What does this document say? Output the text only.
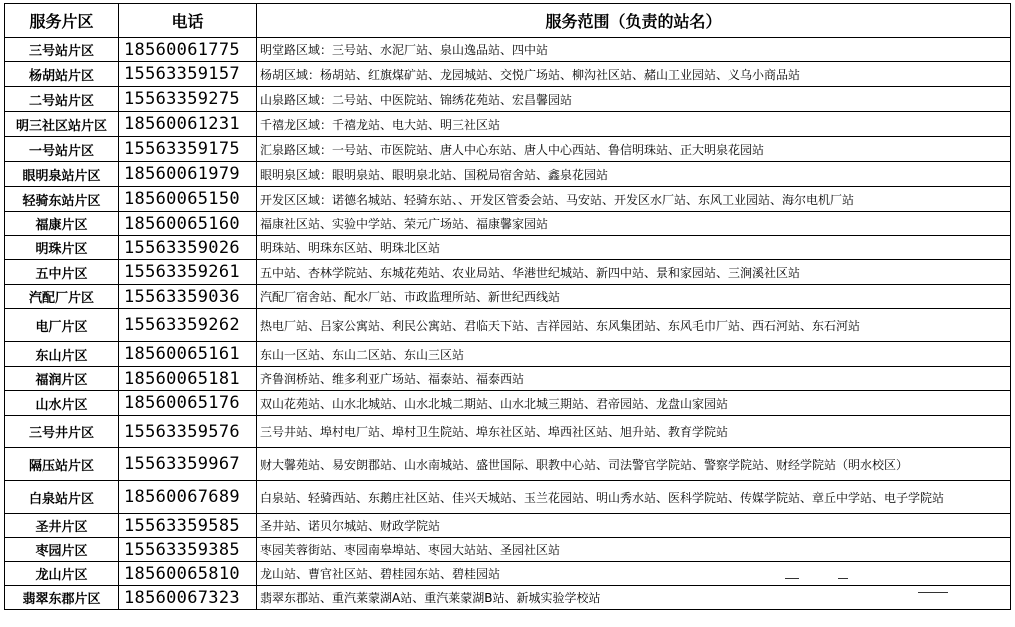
服务片区	电话	服务范围（负责的站名）
三号站片区	18560061775	明堂路区域：三号站、水泥厂站、泉山逸品站、四中站
杨胡站片区	15563359157	杨胡区域：杨胡站、红旗煤矿站、龙园城站、交悦广场站、柳沟社区站、赭山工业园站、义乌小商品站
二号站片区	15563359275	山泉路区域：二号站、中医院站、锦绣花苑站、宏昌馨园站
明三社区站片区	18560061231	千禧龙区域：千禧龙站、电大站、明三社区站
一号站片区	15563359175	汇泉路区域：一号站、市医院站、唐人中心东站、唐人中心西站、鲁信明珠站、正大明泉花园站
眼明泉站片区	18560061979	眼明泉区域：眼明泉站、眼明泉北站、国税局宿舍站、鑫泉花园站
轻骑东站片区	18560065150	开发区区域：诺德名城站、轻骑东站、、开发区管委会站、马安站、开发区水厂站、东风工业园站、海尔电机厂站
福康片区	18560065160	福康社区站、实验中学站、荣元广场站、福康馨家园站
明珠片区	15563359026	明珠站、明珠东区站、明珠北区站
五中片区	15563359261	五中站、杏林学院站、东城花苑站、农业局站、华港世纪城站、新四中站、景和家园站、三涧溪社区站
汽配厂片区	15563359036	汽配厂宿舍站、配水厂站、市政监理所站、新世纪西线站
电厂片区	15563359262	热电厂站、吕家公寓站、利民公寓站、君临天下站、吉祥园站、东风集团站、东风毛巾厂站、西石河站、东石河站
东山片区	18560065161	东山一区站、东山二区站、东山三区站
福润片区	18560065181	齐鲁润桥站、维多利亚广场站、福泰站、福泰西站
山水片区	18560065176	双山花苑站、山水北城站、山水北城二期站、山水北城三期站、君帝园站、龙盘山家园站
三号井片区	15563359576	三号井站、埠村电厂站、埠村卫生院站、埠东社区站、埠西社区站、旭升站、教育学院站
隔压站片区	15563359967	财大馨苑站、易安朗郡站、山水南城站、盛世国际、职教中心站、司法警官学院站、警察学院站、财经学院站（明水校区）
白泉站片区	18560067689	白泉站、轻骑西站、东鹅庄社区站、佳兴天城站、玉兰花园站、明山秀水站、医科学院站、传媒学院站、章丘中学站、电子学院站
圣井片区	15563359585	圣井站、诺贝尔城站、财政学院站
枣园片区	15563359385	枣园芙蓉街站、枣园南皋埠站、枣园大站站、圣园社区站
龙山片区	18560065810	龙山站、曹官社区站、碧桂园东站、碧桂园站
翡翠东郡片区	18560067323	翡翠东郡站、重汽莱蒙湖A站、重汽莱蒙湖B站、新城实验学校站
